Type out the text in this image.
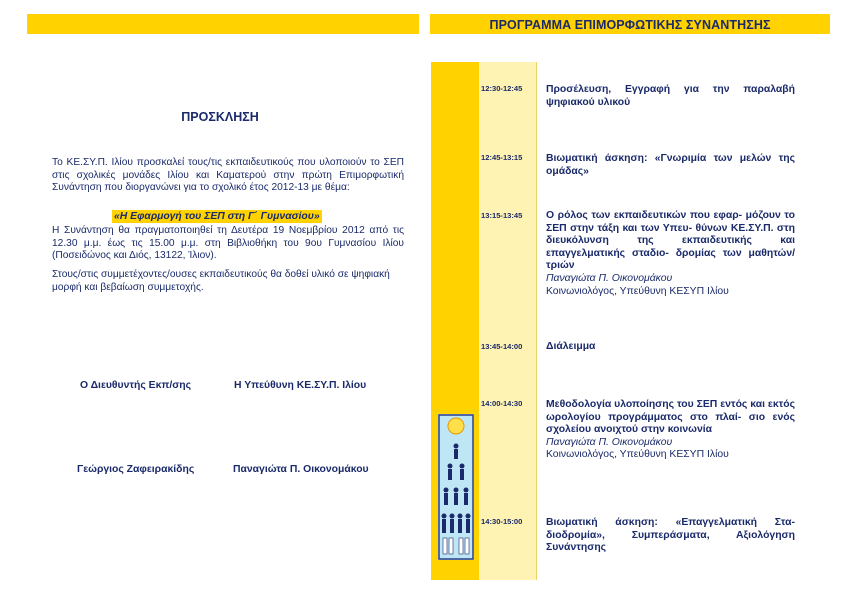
ΠΡΟΓΡΑΜΜΑ ΕΠΙΜΟΡΦΩΤΙΚΗΣ ΣΥΝΑΝΤΗΣΗΣ
ΠΡΟΣΚΛΗΣΗ
Το ΚΕ.ΣΥ.Π. Ιλίου προσκαλεί τους/τις εκπαιδευτικούς που υλοποιούν το ΣΕΠ στις σχολικές μονάδες Ιλίου και Καματερού στην πρώτη Επιμορφωτική Συνάντηση που διοργανώνει για το σχολικό έτος 2012-13 με θέμα:
«Η Εφαρμογή του ΣΕΠ στη Γ΄ Γυμνασίου»
Η Συνάντηση θα πραγματοποιηθεί τη Δευτέρα 19 Νοεμβρίου 2012 από τις 12.30 μ.μ. έως τις 15.00 μ.μ. στη Βιβλιοθήκη του 9ου Γυμνασίου Ιλίου (Ποσειδώνος και Διός, 13122, Ίλιον).
Στους/στις συμμετέχοντες/ουσες εκπαιδευτικούς θα δοθεί υλικό σε ψηφιακή μορφή και βεβαίωση συμμετοχής.
Ο Διευθυντής Εκπ/σης	Η Υπεύθυνη ΚΕ.ΣΥ.Π. Ιλίου
Γεώργιος Ζαφειρακίδης	Παναγιώτα Π. Οικονομάκου
12:30-12:45 Προσέλευση, Εγγραφή για την παραλαβή ψηφιακού υλικού
12:45-13:15 Βιωματική άσκηση: «Γνωριμία των μελών της ομάδας»
13:15-13:45 Ο ρόλος των εκπαιδευτικών που εφαρ- μόζουν το ΣΕΠ στην τάξη και των Υπευ- θύνων ΚΕ.ΣΥ.Π. στη διευκόλυνση της εκπαιδευτικής και επαγγελματικής σταδιο- δρομίας των μαθητών/τριών
Παναγιώτα Π. Οικονομάκου
Κοινωνιολόγος, Υπεύθυνη ΚΕΣΥΠ Ιλίου
13:45-14:00 Διάλειμμα
14:00-14:30 Μεθοδολογία υλοποίησης του ΣΕΠ εντός και εκτός ωρολογίου προγράμματος στο πλαί- σιο ενός σχολείου ανοιχτού στην κοινωνία
Παναγιώτα Π. Οικονομάκου
Κοινωνιολόγος, Υπεύθυνη ΚΕΣΥΠ Ιλίου
14:30-15:00 Βιωματική άσκηση: «Επαγγελματική Στα- διοδρομία», Συμπεράσματα, Αξιολόγηση Συνάντησης
